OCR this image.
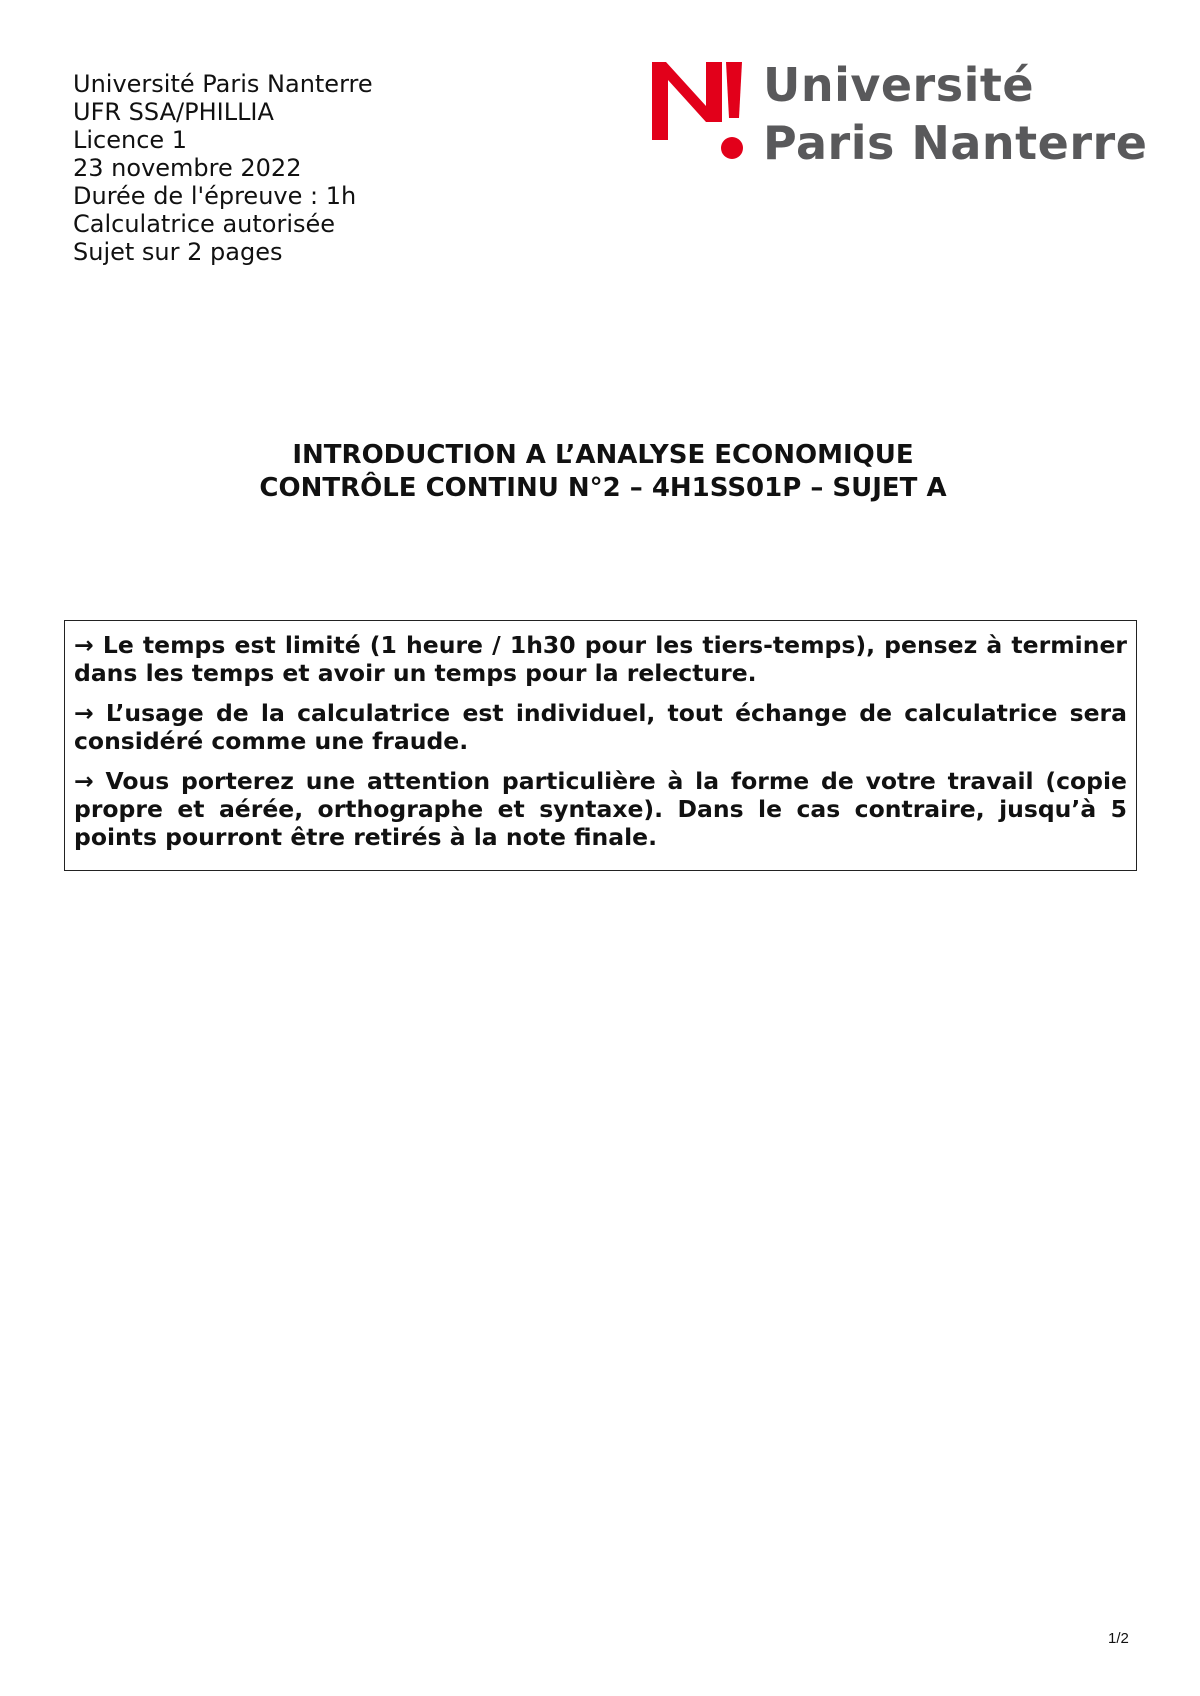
Université Paris Nanterre
UFR SSA/PHILLIA
Licence 1
23 novembre 2022
Durée de l'épreuve : 1h
Calculatrice autorisée
Sujet sur 2 pages
Université
Paris Nanterre
INTRODUCTION A L’ANALYSE ECONOMIQUE
CONTRÔLE CONTINU N°2 – 4H1SS01P – SUJET A

→ Le temps est limité (1 heure / 1h30 pour les tiers-temps), pensez à terminer dans les temps et avoir un temps pour la relecture.

→ L’usage de la calculatrice est individuel, tout échange de calculatrice sera considéré comme une fraude.

→ Vous porterez une attention particulière à la forme de votre travail (copie propre et aérée, orthographe et syntaxe). Dans le cas contraire, jusqu’à 5 points pourront être retirés à la note finale.

1/2
